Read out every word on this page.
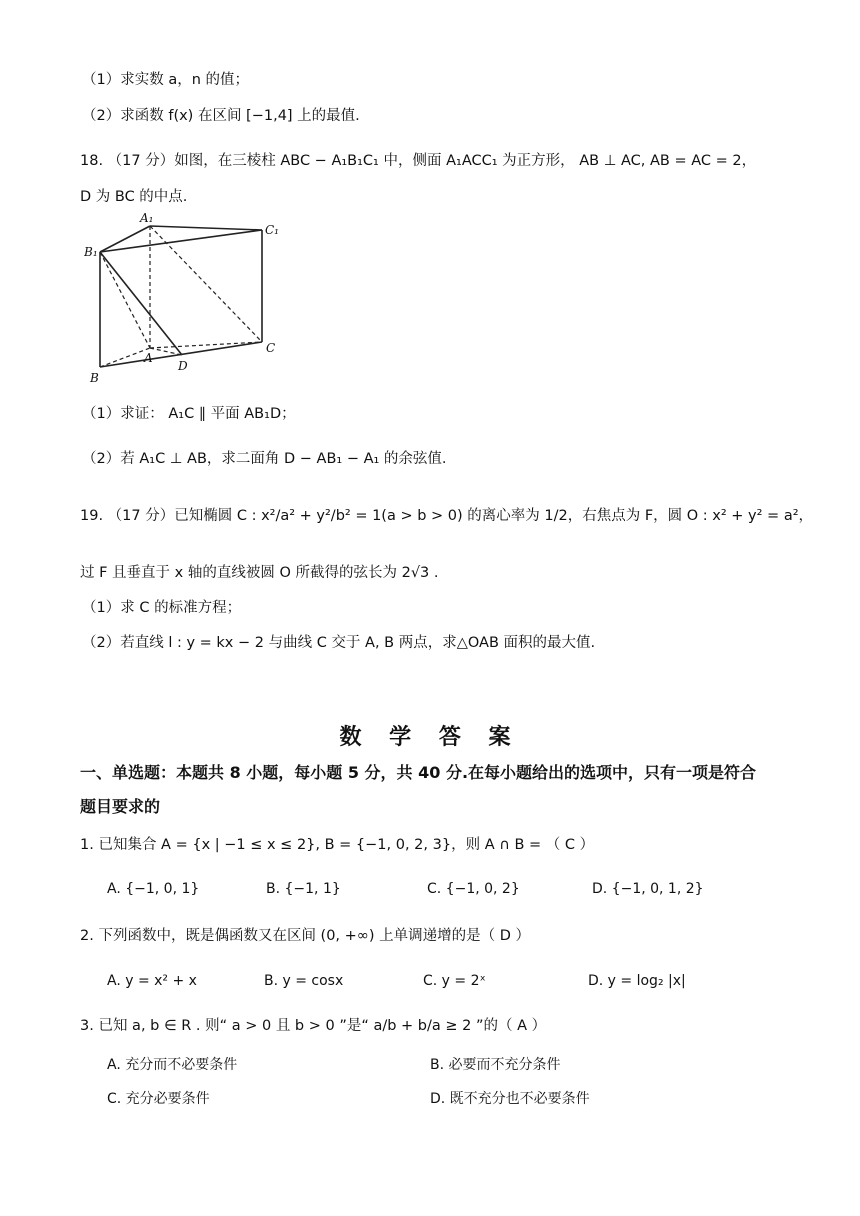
（1）求实数 a，n 的值；
（2）求函数 f(x) 在区间 [−1,4] 上的最值.
18. （17 分）如图，在三棱柱 ABC − A₁B₁C₁ 中，侧面 A₁ACC₁ 为正方形， AB ⊥ AC, AB = AC = 2，
D 为 BC 的中点.
A₁
C₁
B₁
A
C
B
D
（1）求证： A₁C ∥ 平面 AB₁D；
（2）若 A₁C ⊥ AB，求二面角 D − AB₁ − A₁ 的余弦值.
19. （17 分）已知椭圆 C : x²/a² + y²/b² = 1(a > b > 0) 的离心率为 1/2，右焦点为 F，圆 O : x² + y² = a²，
过 F 且垂直于 x 轴的直线被圆 O 所截得的弦长为 2√3 .
（1）求 C 的标准方程；
（2）若直线 l : y = kx − 2 与曲线 C 交于 A, B 两点，求△OAB 面积的最大值.
数 学 答 案
一、单选题：本题共 8 小题，每小题 5 分，共 40 分.在每小题给出的选项中，只有一项是符合
题目要求的
1. 已知集合 A = {x | −1 ≤ x ≤ 2}, B = {−1, 0, 2, 3}，则 A ∩ B = （ C ）
A. {−1, 0, 1}	B. {−1, 1}	C. {−1, 0, 2}	D. {−1, 0, 1, 2}
2. 下列函数中，既是偶函数又在区间 (0, +∞) 上单调递增的是（ D ）
A. y = x² + x	B. y = cosx	C. y = 2ˣ	D. y = log₂ |x|
3. 已知 a, b ∈ R . 则“ a > 0 且 b > 0 ”是“ a/b + b/a ≥ 2 ”的（ A ）
A. 充分而不必要条件	B. 必要而不充分条件
C. 充分必要条件	D. 既不充分也不必要条件
